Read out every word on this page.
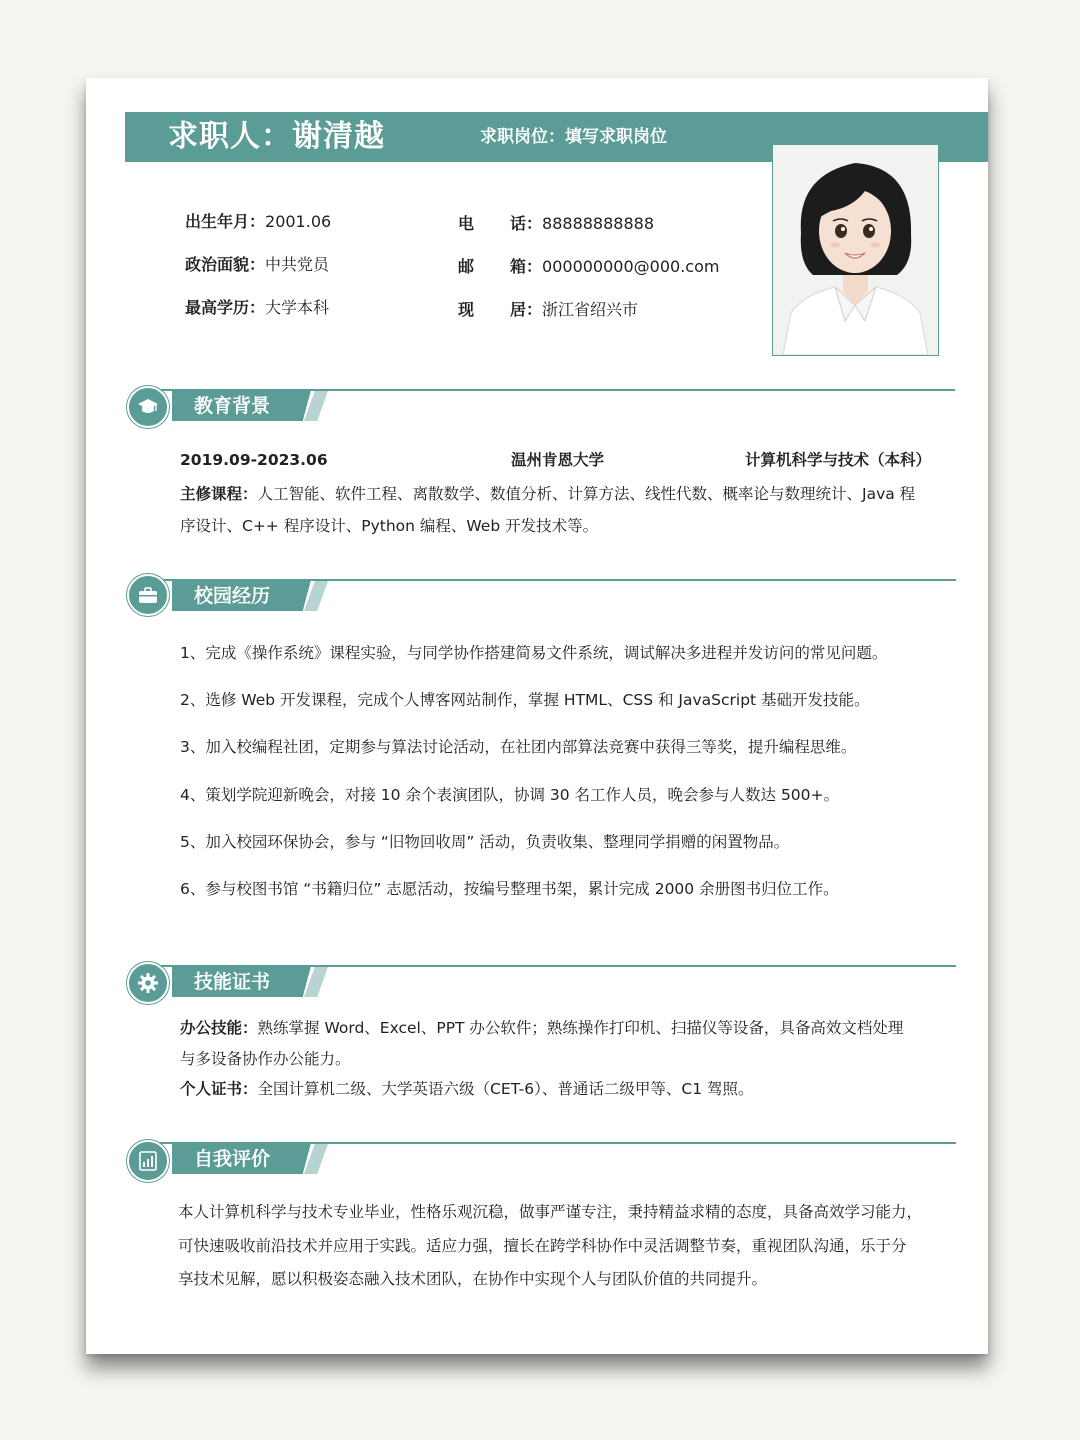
求职人：谢清越	求职岗位：填写求职岗位
出生年月：2001.06
政治面貌：中共党员
最高学历：大学本科
电 话：88888888888
邮 箱：000000000@000.com
现 居：浙江省绍兴市
教育背景
2019.09-2023.06	温州肯恩大学	计算机科学与技术（本科）
主修课程：人工智能、软件工程、离散数学、数值分析、计算方法、线性代数、概率论与数理统计、Java 程
序设计、C++ 程序设计、Python 编程、Web 开发技术等。
校园经历
1、完成《操作系统》课程实验，与同学协作搭建简易文件系统，调试解决多进程并发访问的常见问题。
2、选修 Web 开发课程，完成个人博客网站制作，掌握 HTML、CSS 和 JavaScript 基础开发技能。
3、加入校编程社团，定期参与算法讨论活动，在社团内部算法竞赛中获得三等奖，提升编程思维。
4、策划学院迎新晚会，对接 10 余个表演团队，协调 30 名工作人员，晚会参与人数达 500+。
5、加入校园环保协会，参与 “旧物回收周” 活动，负责收集、整理同学捐赠的闲置物品。
6、参与校图书馆 “书籍归位” 志愿活动，按编号整理书架，累计完成 2000 余册图书归位工作。
技能证书
办公技能：熟练掌握 Word、Excel、PPT 办公软件；熟练操作打印机、扫描仪等设备，具备高效文档处理
与多设备协作办公能力。
个人证书：全国计算机二级、大学英语六级（CET-6）、普通话二级甲等、C1 驾照。
自我评价
本人计算机科学与技术专业毕业，性格乐观沉稳，做事严谨专注，秉持精益求精的态度，具备高效学习能力，
可快速吸收前沿技术并应用于实践。适应力强，擅长在跨学科协作中灵活调整节奏，重视团队沟通，乐于分
享技术见解，愿以积极姿态融入技术团队，在协作中实现个人与团队价值的共同提升。
